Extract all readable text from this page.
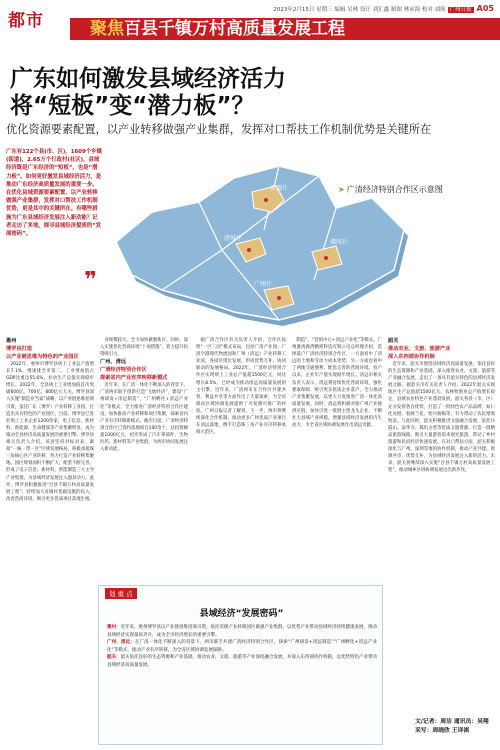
都市	聚焦百县千镇万村高质量发展工程
2023年2月15日 星期三 编辑 吴林 设计 刘汇鑫 制图 林承海 校对 刘航 广州日报 A05
广东如何激发县域经济活力
将“短板”变“潜力板”？
优化资源要素配置，以产业转移做强产业集群，发挥对口帮扶工作机制优势是关键所在
广东有122个县(市、区)，1609个乡镇(街道)，2.65万个行政村(社区)，县域经济既是广东经济的“短板”，也是“潜力板”。如何更好激发县域经济活力，是推动广东经济高质量发展的重要一步。在优化县域资源要素配置、以产业转移做强产业集群，发挥对口帮扶工作机制优势，更是其中的关键所在。有哪些措施为广东县域经济发展注入新动能？记者走访了多地，探寻县域经济提质的“发展密码”。
❞
英德片
清城片
佛冈片
广州片
➤ 广清经济特别合作区示意图
惠州
博罗县打造
以产业链思维为特色的产业园区

2022年，惠州市博罗县规上工业总产值增长7.1%，增速排全市第二，工业增加值占GDP比重达55.6%，拉动生产总值实现稳步增长。2022年，全县规上工业增加值首次突破600亿、700亿、800亿元大关。博罗县深入实施“制造业当家”战略，以产业链思维招商引资，依托广东（博罗）产业转移工业园，打造出具有特色的产业园区。目前，博罗县已进驻规上工业企业1200余家，电子信息、新材料、新能源、生命健康等产业集聚明显，成为推动全县经济高质量发展的重要引擎。博罗县相关负责人介绍，该县坚持对标对表，紧扣“一核一带一区”区域发展格局，积极承接珠三角核心区产业转移，努力打造产业转移集聚地。园区规划面积不断扩大，配套不断完善，形成了电子信息、新材料、智能制造三大主导产业集群，为县域经济发展注入强劲动力。此外，博罗县积极推进“百县千镇万村高质量发展工程”，持续加大对镇村基础设施的投入，改善营商环境，吸引更多优质项目落地生根。

业规模较大，全力加快做强新区。同时，深入实施优化营商环境“十项措施”，着力提升投资吸引力。

广州、清远
广清经济特别合作区
探索省内产业有序转移新模式

近年来，在广清一体化不断深入的背景下，广清两市联手创新打造“飞地经济”，建设“广州研发+清远制造”，“广州孵化+清远产业化”等模式，全力推进广清经济特别合作区建设，加快推动产业转移和项目集聚，探索省内产业有序转移新模式。截至目前，广清经济特别合作区已签约落地项目100余个，总投资额超1000亿元，初步形成了汽车零部件、生物医药、新材料等产业集群，为两市协同发展注入新动能。

据广清合作区有关负责人介绍，合作区按照“一区三园”模式布局，包括广清产业园、广清空港现代物流园和广州（清远）产业转移工业园，各园区错位发展，形成优势互补、协同联动的发展格局。2022年，广清经济特别合作区实现规上工业总产值超1500亿元，同比增长8.5%，已经成为推动清远高质量发展的主引擎。近年来，广清两市在合作区共建共管、利益共享等方面作出了大量探索，为全省推动区域协调发展提供了可复制可推广的经验。广州日报记者了解到，下一步，两市将继续深化合作机制，推动更多广州优质产业项目在清远落地，携手打造珠三角产业有序转移承接示范区。

制造”，“营销中心+清远产业化”等模式。广州番禺鹿湾精密科技有限公司总经理介绍，选择落户广清经济特别合作区，一方面看中了清远的土地和劳动力成本优势，另一方面也看中了两地交通便利、配套完善的营商环境。投产以来，企业年产值实现稳步增长。清远市相关负责人表示，清远将持续优化营商环境，强化要素保障，吸引更多优质企业落户，全力推动产业集聚发展，以更大力度推进广清一体化高质量发展。同时，清远将积极对接广州产业链供应链，加快引进一批链主型龙头企业，不断壮大县域产业规模，增强县域经济发展的内生动力，为全省区域协调发展作出清远贡献。

韶关
推动农业、文旅、旅游产业
深入东西部协作机制

近年来，韶关市围绕县域经济高质量发展，依托良好的生态资源和产业基础，深入推进农业、文旅、旅游等产业融合发展，走出了一条具有韶关特色的县域经济发展之路。据韶关市有关负责人介绍，2022年韶关实现地区生产总值超1500亿元，农林牧渔业总产值增长稳定，县域农业特色产业蓬勃发展。韶关各县（市、区）充分发挥各自优势，打造了一批特色农产品品牌，如仁化贡柑、翁源兰花、始兴杨梅等，有力带动了农民增收致富。与此同时，韶关积极推进文旅融合发展，依托丹霞山、南华寺、珠玑古巷等优质文旅资源，打造一批精品旅游线路，吸引大量游客前来观光旅游，带动了乡村旅游和民宿经济快速发展。在对口帮扶方面，韶关积极深化与广州、深圳等地的协作机制，推动产业共建、资源共享、优势互补，为县域经济发展注入新的活力。未来，韶关将继续深入实施“百县千镇万村高质量发展工程”，推动城乡区域协调发展迈出新步伐。

划 重 点
县域经济“发展密码”

惠州：近年来，惠州博罗县以产业链思维招商引资，依托省级产业转移园区做强产业集群，以优势产业带动县域经济持续健康发展，推动县域经济实现量质齐升，成为全市经济增长的重要引擎。

广州、清远：在广清一体化不断深入的背景下，两市联手共建广清经济特别合作区，探索“广州研发+清远制造”“广州孵化+清远产业化”等模式，推动产业有序转移，为全省区域协调发展探路。

韶关：韶关依托良好的生态资源和产业基础，推动农业、文旅、旅游等产业深度融合发展，并深入东西部协作机制，以优势特色产业带动县域经济高质量发展。

文/记者：周洁 通讯员：吴翔
采写：周晓欣 王译祺
